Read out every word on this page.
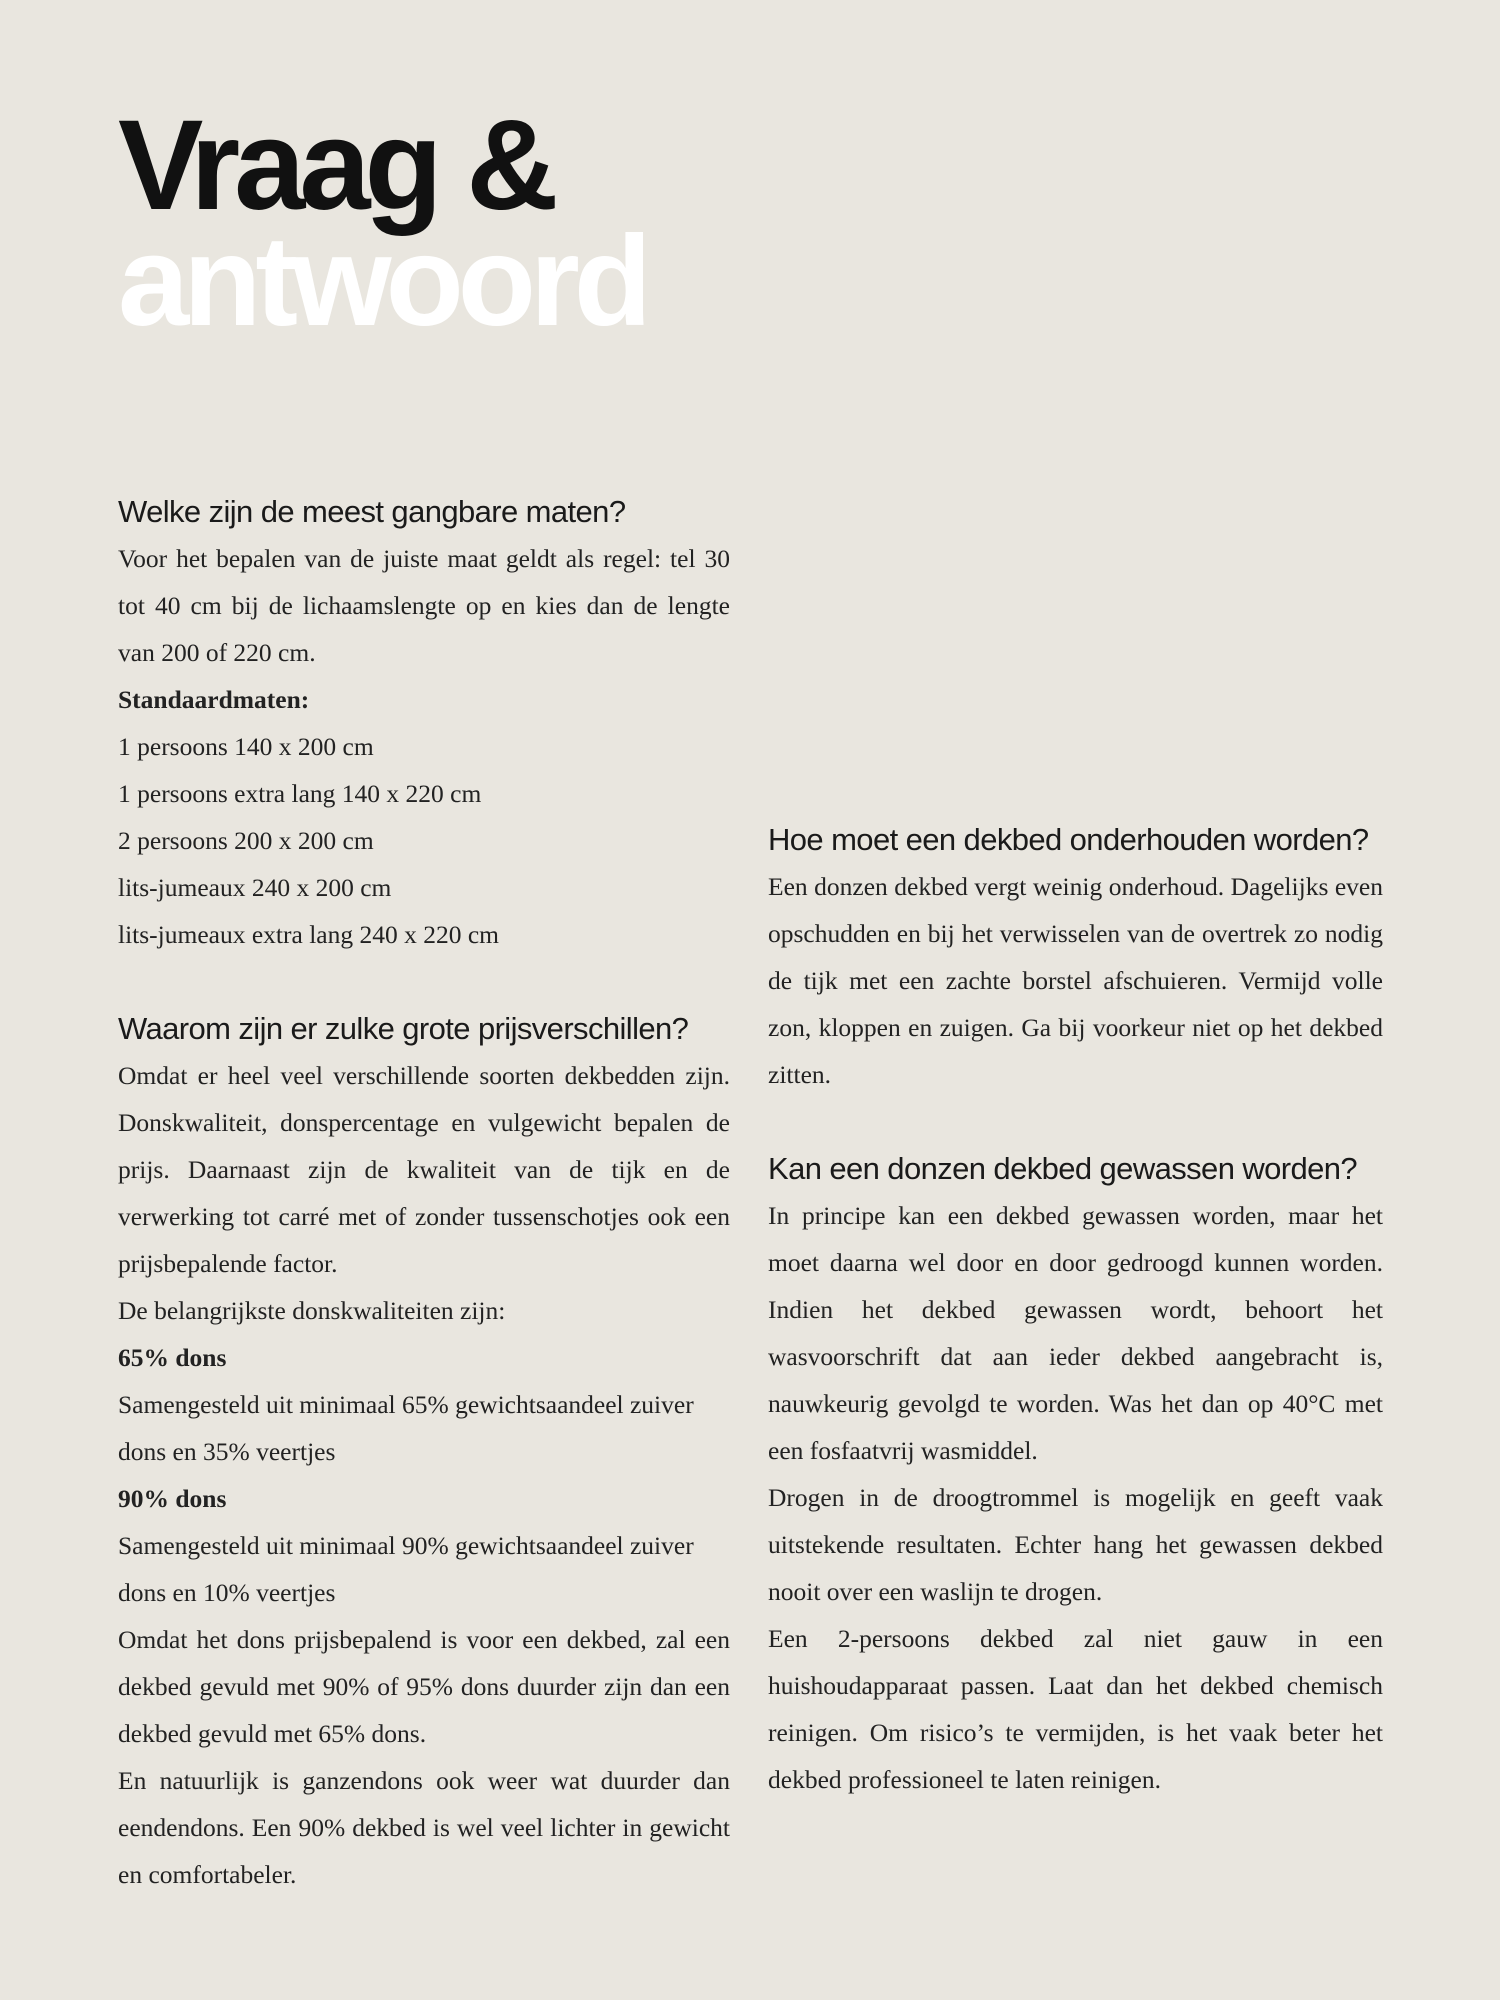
Vraag &
antwoord
Welke zijn de meest gangbare maten?

Voor het bepalen van de juiste maat geldt als regel: tel 30 tot 40 cm bij de lichaamslengte op en kies dan de lengte van 200 of 220 cm.

Standaardmaten:

1 persoons 140 x 200 cm

1 persoons extra lang 140 x 220 cm

2 persoons 200 x 200 cm

lits-jumeaux 240 x 200 cm

lits-jumeaux extra lang 240 x 220 cm

Waarom zijn er zulke grote prijsverschillen?

Omdat er heel veel verschillende soorten dekbedden zijn. Donskwaliteit, donspercentage en vulgewicht bepalen de prijs. Daarnaast zijn de kwaliteit van de tijk en de verwerking tot carré met of zonder tussenschotjes ook een prijsbepalende factor.

De belangrijkste donskwaliteiten zijn:

65% dons

Samengesteld uit minimaal 65% gewichtsaandeel zuiver dons en 35% veertjes

90% dons

Samengesteld uit minimaal 90% gewichtsaandeel zuiver dons en 10% veertjes

Omdat het dons prijsbepalend is voor een dekbed, zal een dekbed gevuld met 90% of 95% dons duurder zijn dan een dekbed gevuld met 65% dons.

En natuurlijk is ganzendons ook weer wat duurder dan eendendons. Een 90% dekbed is wel veel lichter in gewicht en comfortabeler.

Hoe moet een dekbed onderhouden worden?

Een donzen dekbed vergt weinig onderhoud. Dagelijks even opschudden en bij het verwisselen van de overtrek zo nodig de tijk met een zachte borstel afschuieren. Vermijd volle zon, kloppen en zuigen. Ga bij voorkeur niet op het dekbed zitten.

Kan een donzen dekbed gewassen worden?

In principe kan een dekbed gewassen worden, maar het moet daarna wel door en door gedroogd kunnen worden. Indien het dekbed gewassen wordt, behoort het wasvoorschrift dat aan ieder dekbed aangebracht is, nauwkeurig gevolgd te worden. Was het dan op 40°C met een fosfaatvrij wasmiddel.

Drogen in de droogtrommel is mogelijk en geeft vaak uitstekende resultaten. Echter hang het gewassen dekbed nooit over een waslijn te drogen.

Een 2-persoons dekbed zal niet gauw in een huishoudapparaat passen. Laat dan het dekbed chemisch reinigen. Om risico’s te vermijden, is het vaak beter het dekbed professioneel te laten reinigen.
